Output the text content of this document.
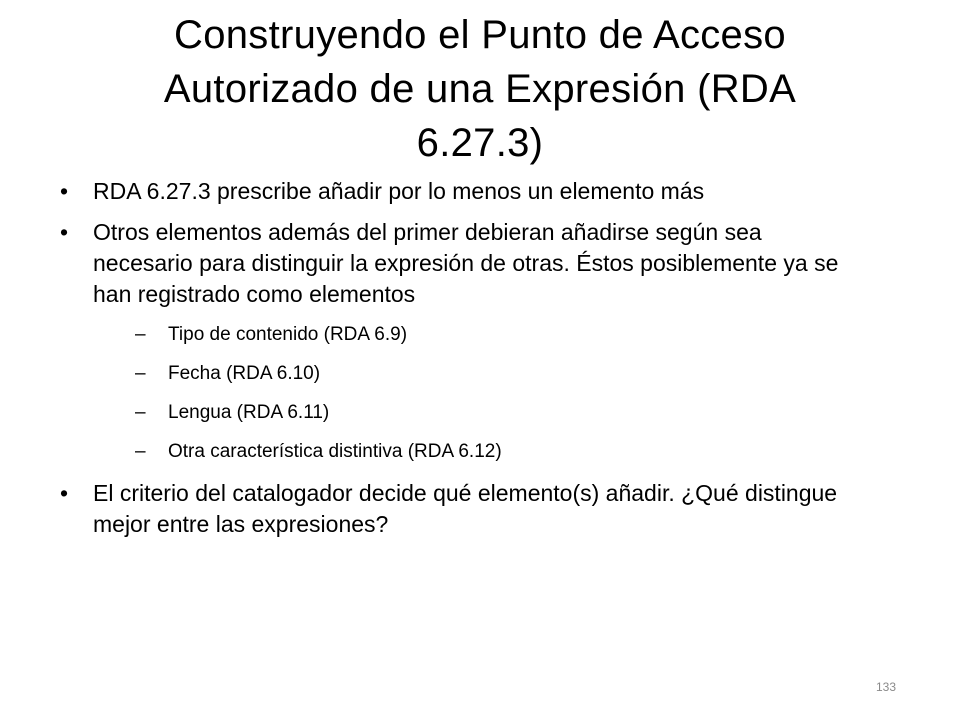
Construyendo el Punto de Acceso
Autorizado de una Expresión (RDA
6.27.3)
•	RDA 6.27.3 prescribe añadir por lo menos un elemento más
•	Otros elementos además del primer debieran añadirse según sea necesario para distinguir la expresión de otras. Éstos posiblemente ya se han registrado como elementos
– Tipo de contenido (RDA 6.9)
– Fecha (RDA 6.10)
– Lengua (RDA 6.11)
– Otra característica distintiva (RDA 6.12)
•	El criterio del catalogador decide qué elemento(s) añadir. ¿Qué distingue mejor entre las expresiones?
133
